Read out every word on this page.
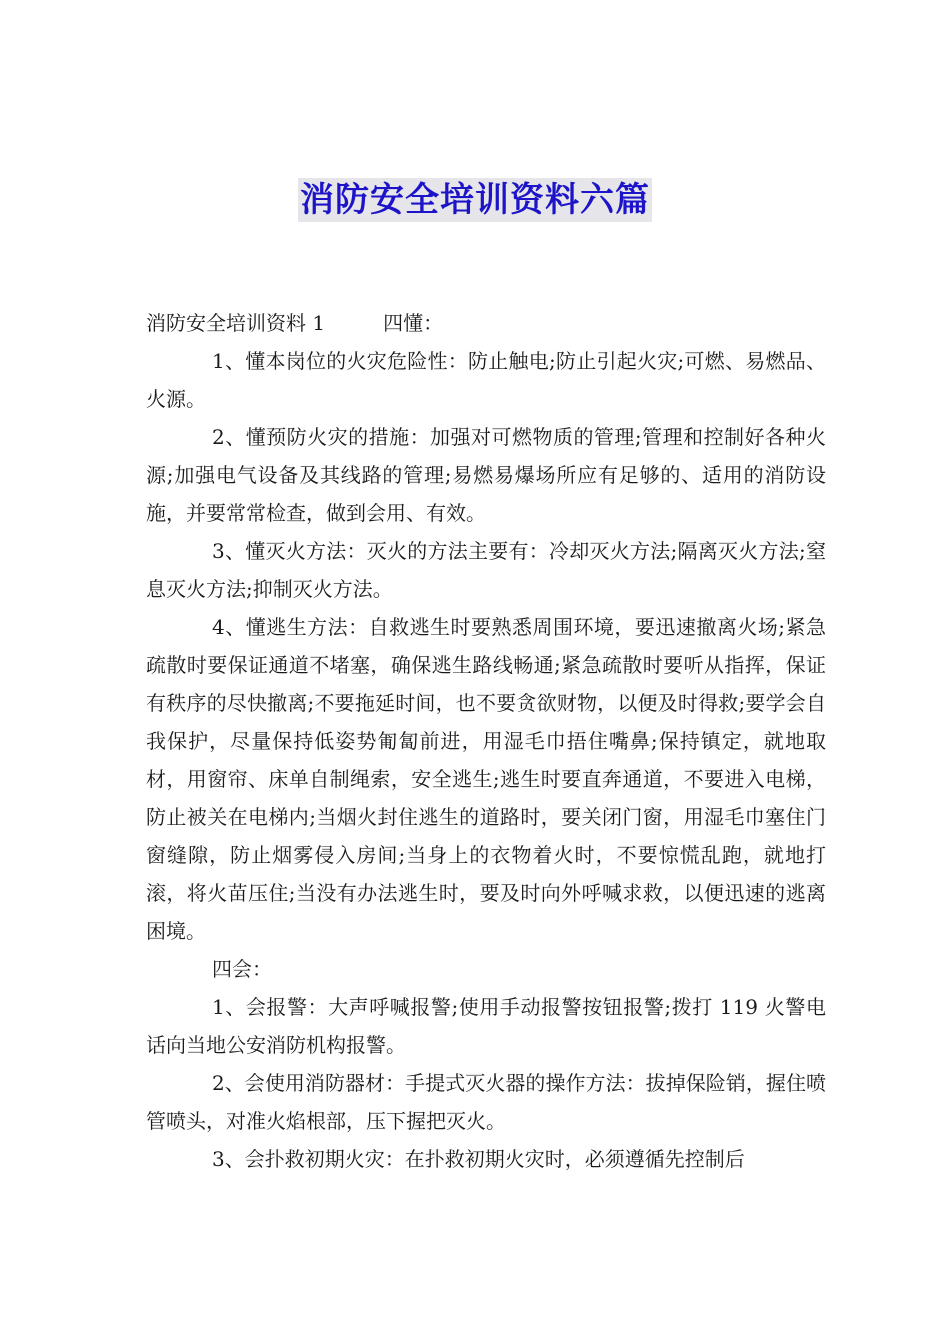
消防安全培训资料六篇

消防安全培训资料 1	四懂：

1、懂本岗位的火灾危险性：防止触电;防止引起火灾;可燃、易燃品、火源。

2、懂预防火灾的措施：加强对可燃物质的管理;管理和控制好各种火源;加强电气设备及其线路的管理;易燃易爆场所应有足够的、适用的消防设施，并要常常检查，做到会用、有效。

3、懂灭火方法：灭火的方法主要有：冷却灭火方法;隔离灭火方法;窒息灭火方法;抑制灭火方法。

4、懂逃生方法：自救逃生时要熟悉周围环境，要迅速撤离火场;紧急疏散时要保证通道不堵塞，确保逃生路线畅通;紧急疏散时要听从指挥，保证有秩序的尽快撤离;不要拖延时间，也不要贪欲财物，以便及时得救;要学会自我保护，尽量保持低姿势匍匐前进，用湿毛巾捂住嘴鼻;保持镇定，就地取材，用窗帘、床单自制绳索，安全逃生;逃生时要直奔通道，不要进入电梯，防止被关在电梯内;当烟火封住逃生的道路时，要关闭门窗，用湿毛巾塞住门窗缝隙，防止烟雾侵入房间;当身上的衣物着火时，不要惊慌乱跑，就地打滚，将火苗压住;当没有办法逃生时，要及时向外呼喊求救，以便迅速的逃离困境。

四会：

1、会报警：大声呼喊报警;使用手动报警按钮报警;拨打 119 火警电话向当地公安消防机构报警。

2、会使用消防器材：手提式灭火器的操作方法：拔掉保险销，握住喷管喷头，对准火焰根部，压下握把灭火。

3、会扑救初期火灾：在扑救初期火灾时，必须遵循先控制后
